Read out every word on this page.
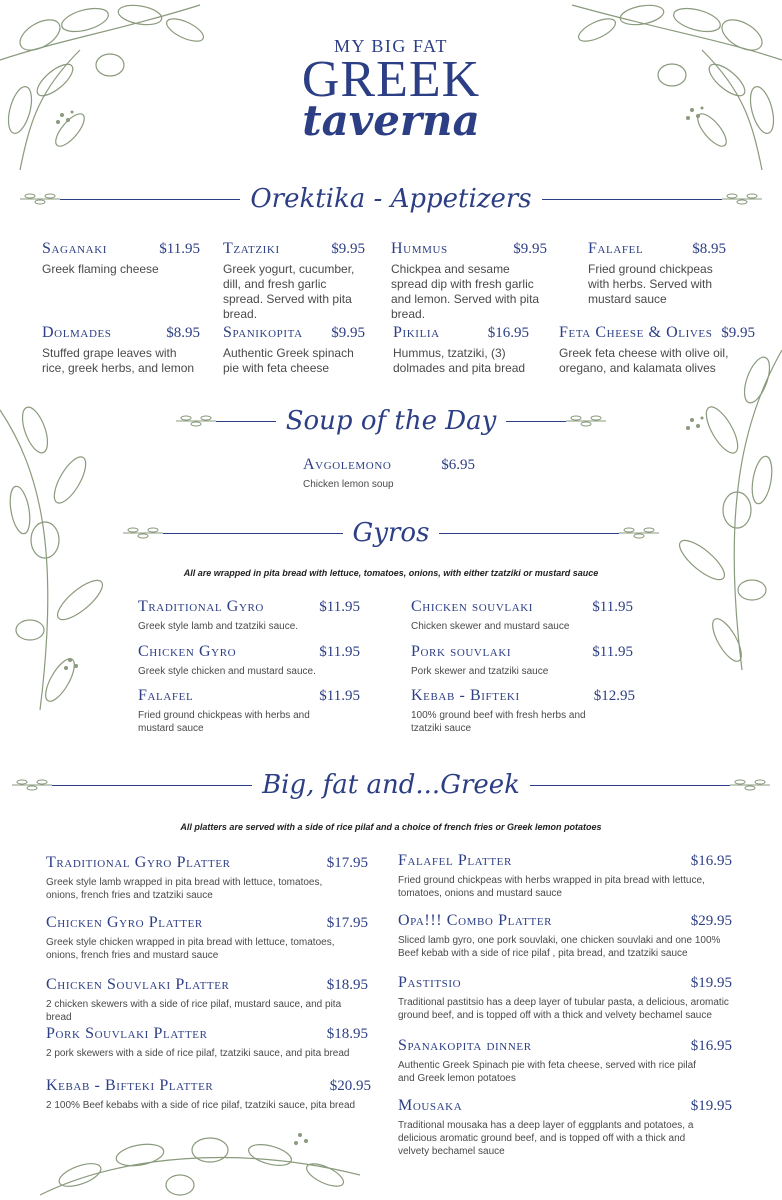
MY BIG FAT
GREEK
taverna
Orektika - Appetizers
Saganaki	$11.95
Greek flaming cheese
Tzatziki	$9.95
Greek yogurt, cucumber, dill, and fresh garlic spread. Served with pita bread.
Hummus	$9.95
Chickpea and sesame spread dip with fresh garlic and lemon. Served with pita bread.
Falafel	$8.95
Fried ground chickpeas with herbs. Served with mustard sauce
Dolmades	$8.95
Stuffed grape leaves with rice, greek herbs, and lemon
Spanikopita $9.95
Authentic Greek spinach pie with feta cheese
Pikilia	$16.95
Hummus, tzatziki, (3) dolmades and pita bread
Feta Cheese & Olives $9.95
Greek feta cheese with olive oil, oregano, and kalamata olives
Soup of the Day
Avgolemono	$6.95
Chicken lemon soup
Gyros
All are wrapped in pita bread with lettuce, tomatoes, onions, with either tzatziki or mustard sauce
Traditional Gyro	$11.95
Greek style lamb and tzatziki sauce.
Chicken souvlaki	$11.95
Chicken skewer and mustard sauce
Chicken Gyro	$11.95
Greek style chicken and mustard sauce.
Pork souvlaki	$11.95
Pork skewer and tzatziki sauce
Falafel	$11.95
Fried ground chickpeas with herbs and mustard sauce
Kebab - Bifteki	$12.95
100% ground beef with fresh herbs and tzatziki sauce
Big, fat and...Greek
All platters are served with a side of rice pilaf and a choice of french fries or Greek lemon potatoes
Traditional Gyro Platter	$17.95
Greek style lamb wrapped in pita bread with lettuce, tomatoes, onions, french fries and tzatziki sauce
Chicken Gyro Platter	$17.95
Greek style chicken wrapped in pita bread with lettuce, tomatoes, onions, french fries and mustard sauce
Chicken Souvlaki Platter	$18.95
2 chicken skewers with a side of rice pilaf, mustard sauce, and pita bread
Pork Souvlaki Platter	$18.95
2 pork skewers with a side of rice pilaf, tzatziki sauce, and pita bread
Kebab - Bifteki Platter	$20.95
2 100% Beef kebabs with a side of rice pilaf, tzatziki sauce, pita bread
Falafel Platter	$16.95
Fried ground chickpeas with herbs wrapped in pita bread with lettuce, tomatoes, onions and mustard sauce
Opa!!! Combo Platter	$29.95
Sliced lamb gyro, one pork souvlaki, one chicken souvlaki and one 100% Beef kebab with a side of rice pilaf , pita bread, and tzatziki sauce
Pastitsio	$19.95
Traditional pastitsio has a deep layer of tubular pasta, a delicious, aromatic ground beef, and is topped off with a thick and velvety bechamel sauce
Spanakopita dinner	$16.95
Authentic Greek Spinach pie with feta cheese, served with rice pilaf and Greek lemon potatoes
Mousaka	$19.95
Traditional mousaka has a deep layer of eggplants and potatoes, a delicious aromatic ground beef, and is topped off with a thick and velvety bechamel sauce
